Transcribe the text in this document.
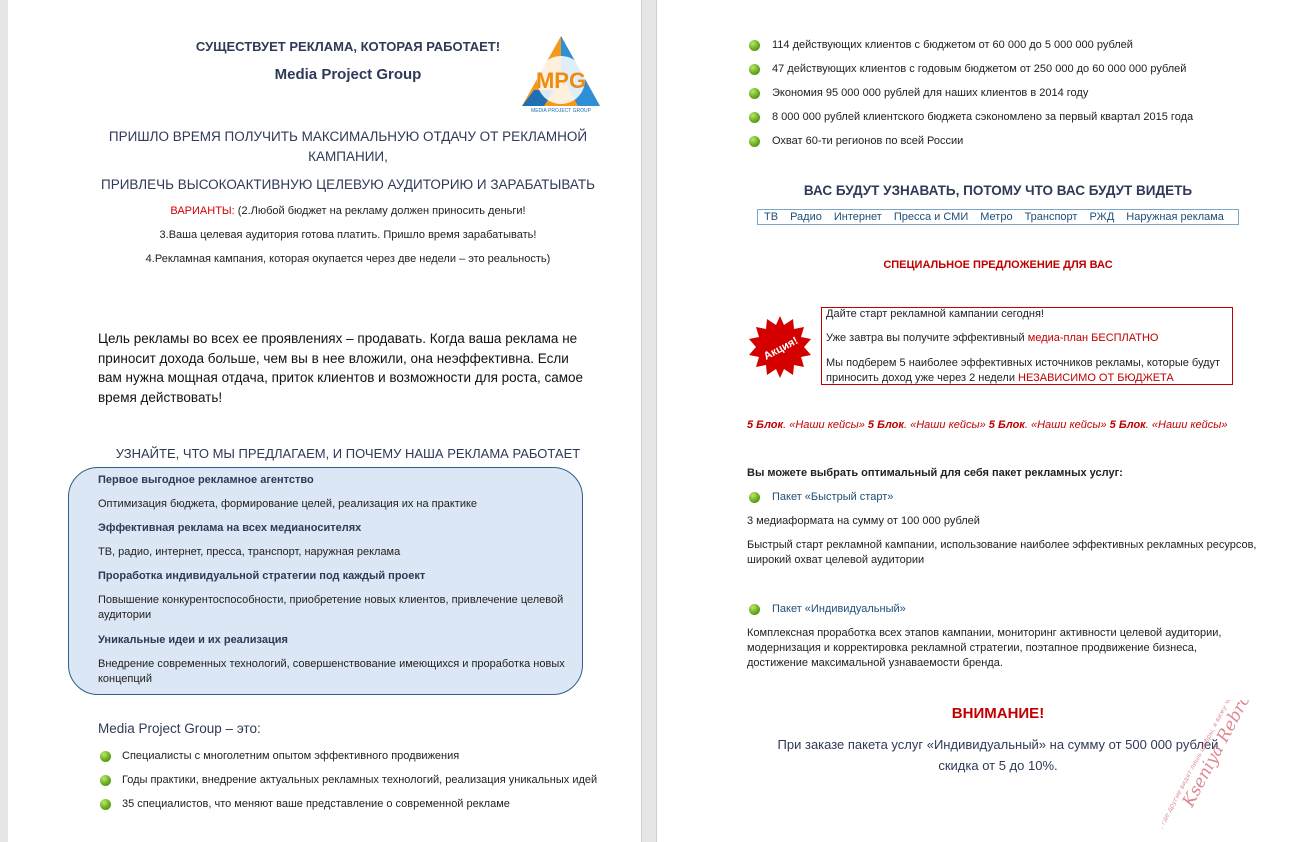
СУЩЕСТВУЕТ РЕКЛАМА, КОТОРАЯ РАБОТАЕТ!
Media Project Group	MPG
MEDIA PROJECT GROUP
ПРИШЛО ВРЕМЯ ПОЛУЧИТЬ МАКСИМАЛЬНУЮ ОТДАЧУ ОТ РЕКЛАМНОЙ
КАМПАНИИ,
ПРИВЛЕЧЬ ВЫСОКОАКТИВНУЮ ЦЕЛЕВУЮ АУДИТОРИЮ И ЗАРАБАТЫВАТЬ
ВАРИАНТЫ: (2.Любой бюджет на рекламу должен приносить деньги!
3.Ваша целевая аудитория готова платить. Пришло время зарабатывать!
4.Рекламная кампания, которая окупается через две недели – это реальность)
Цель рекламы во всех ее проявлениях – продавать. Когда ваша реклама не приносит дохода больше, чем вы в нее вложили, она неэффективна. Если вам нужна мощная отдача, приток клиентов и возможности для роста, самое время действовать!
УЗНАЙТЕ, ЧТО МЫ ПРЕДЛАГАЕМ, И ПОЧЕМУ НАША РЕКЛАМА РАБОТАЕТ
Первое выгодное рекламное агентство
Оптимизация бюджета, формирование целей, реализация их на практике
Эффективная реклама на всех медианосителях
ТВ, радио, интернет, пресса, транспорт, наружная реклама
Проработка индивидуальной стратегии под каждый проект
Повышение конкурентоспособности, приобретение новых клиентов, привлечение целевой
аудитории
Уникальные идеи и их реализация
Внедрение современных технологий, совершенствование имеющихся и проработка новых
концепций
Media Project Group – это:
Специалисты с многолетним опытом эффективного продвижения
Годы практики, внедрение актуальных рекламных технологий, реализация уникальных идей
35 специалистов, что меняют ваше представление о современной рекламе
114 действующих клиентов с бюджетом от 60 000 до 5 000 000 рублей
47 действующих клиентов с годовым бюджетом от 250 000 до 60 000 000 рублей
Экономия 95 000 000 рублей для наших клиентов в 2014 году
8 000 000 рублей клиентского бюджета сэкономлено за первый квартал 2015 года
Охват 60-ти регионов по всей России
ВАС БУДУТ УЗНАВАТЬ, ПОТОМУ ЧТО ВАС БУДУТ ВИДЕТЬ
ТВ	Радио	Интернет	Пресса и СМИ	Метро	Транспорт	РЖД	Наружная реклама
СПЕЦИАЛЬНОЕ ПРЕДЛОЖЕНИЕ ДЛЯ ВАС
Акция!
Дайте старт рекламной кампании сегодня!
Уже завтра вы получите эффективный медиа-план БЕСПЛАТНО
Мы подберем 5 наиболее эффективных источников рекламы, которые будут
приносить доход уже через 2 недели НЕЗАВИСИМО ОТ БЮДЖЕТА
5 Блок. «Наши кейсы» 5 Блок. «Наши кейсы» 5 Блок. «Наши кейсы» 5 Блок. «Наши кейсы»
Вы можете выбрать оптимальный для себя пакет рекламных услуг:
Пакет «Быстрый старт»
3 медиаформата на сумму от 100 000 рублей
Быстрый старт рекламной кампании, использование наиболее эффективных рекламных ресурсов,
широкий охват целевой аудитории
Пакет «Индивидуальный»
Комплексная проработка всех этапов кампании, мониторинг активности целевой аудитории,
модернизация и корректировка рекламной стратегии, поэтапное продвижение бизнеса,
достижение максимальной узнаваемости бренда.
ВНИМАНИЕ!
При заказе пакета услуг «Индивидуальный» на сумму от 500 000 рублей
скидка от 5 до 10%.	Kseniya Rebrova
Там, где другие видят лишь цифры, я вижу
